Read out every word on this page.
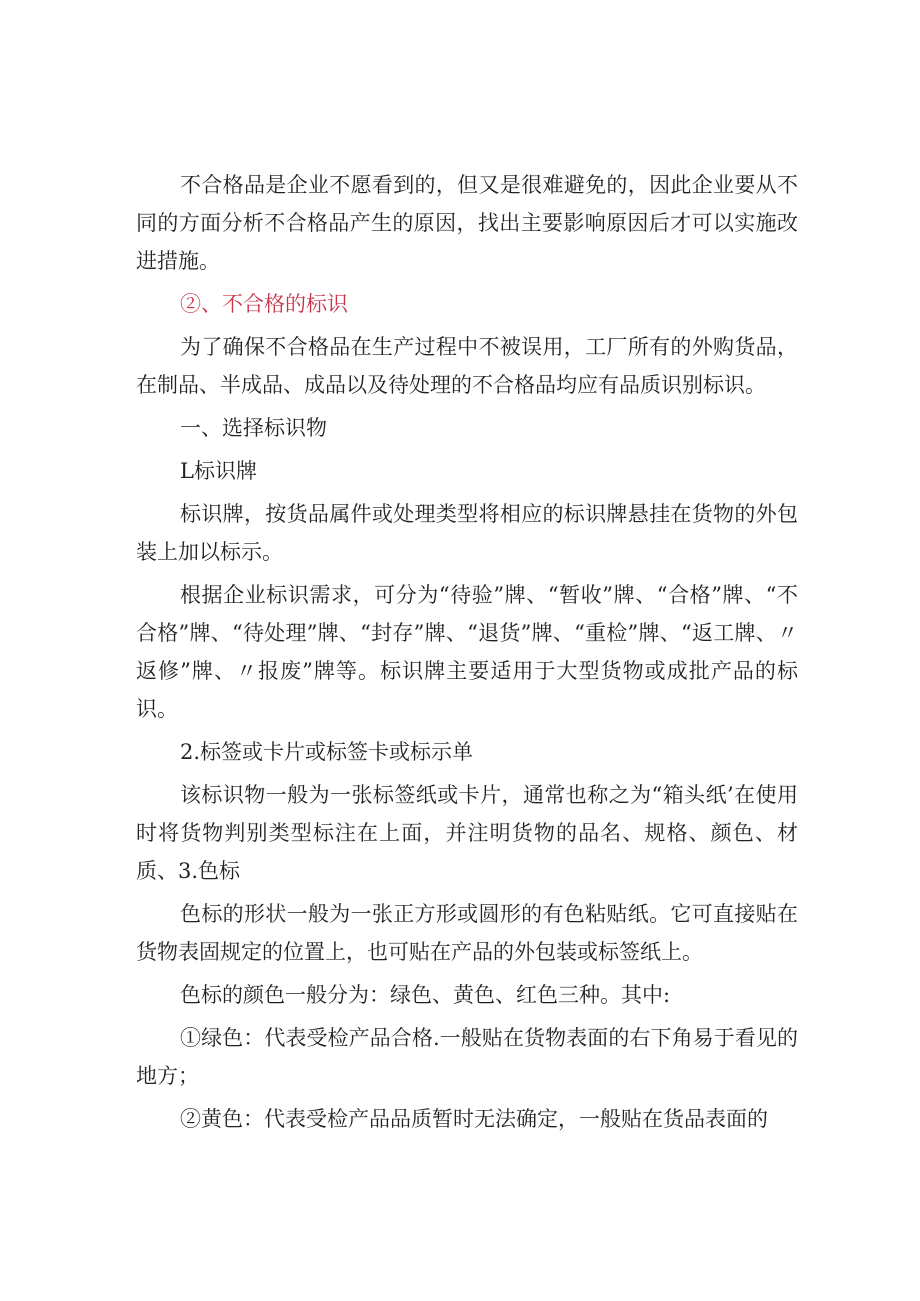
不合格品是企业不愿看到的，但又是很难避免的，因此企业要从不同的方面分析不合格品产生的原因，找出主要影响原因后才可以实施改进措施。

②、不合格的标识

为了确保不合格品在生产过程中不被误用，工厂所有的外购货品，在制品、半成品、成品以及待处理的不合格品均应有品质识别标识。

一、选择标识物

L标识牌

标识牌，按货品属件或处理类型将相应的标识牌悬挂在货物的外包装上加以标示。

根据企业标识需求，可分为“待验”牌、“暂收”牌、“合格”牌、“不合格”牌、“待处理”牌、“封存”牌、“退货”牌、“重检”牌、“返工牌、〃返修”牌、〃报废”牌等。标识牌主要适用于大型货物或成批产品的标识。

2.标签或卡片或标签卡或标示单

该标识物一般为一张标签纸或卡片，通常也称之为“箱头纸’在使用时将货物判别类型标注在上面，并注明货物的品名、规格、颜色、材质、3.色标

色标的形状一般为一张正方形或圆形的有色粘贴纸。它可直接贴在货物表固规定的位置上，也可贴在产品的外包装或标签纸上。

色标的颜色一般分为：绿色、黄色、红色三种。其中:

①绿色：代表受检产品合格.一般贴在货物表面的右下角易于看见的地方；

②黄色：代表受检产品品质暂时无法确定，一般贴在货品表面的
